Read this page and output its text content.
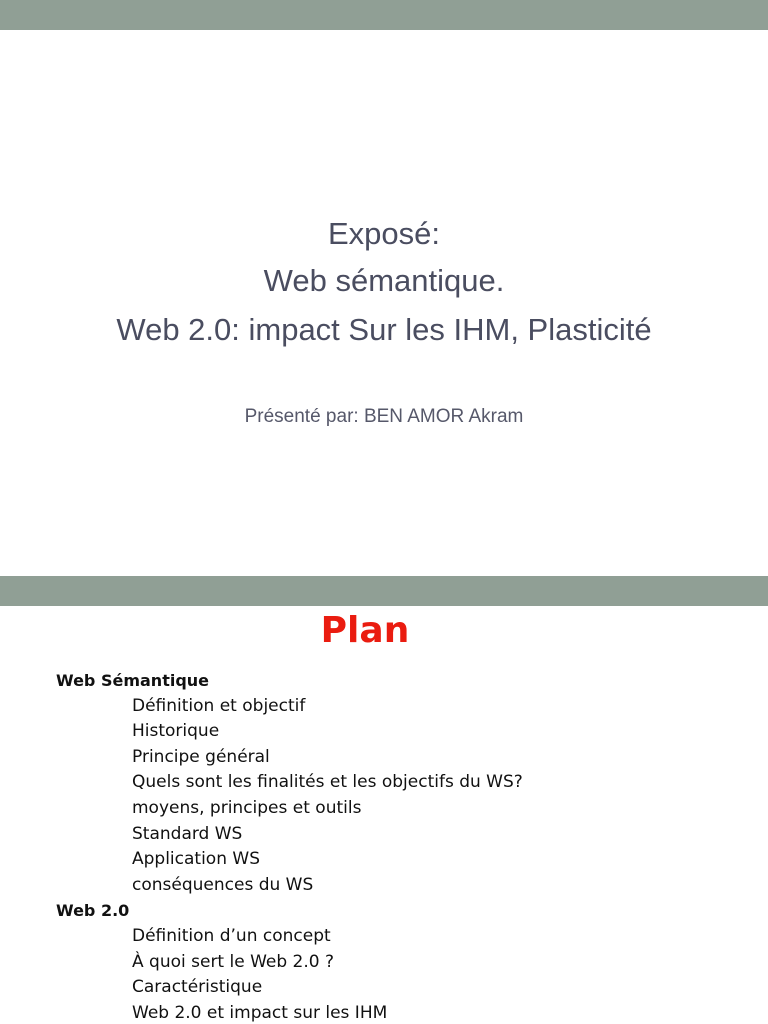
Exposé:
Web sémantique.
Web 2.0: impact Sur les IHM, Plasticité
Présenté par: BEN AMOR Akram
Plan
Web Sémantique
Définition et objectif
Historique
Principe général
Quels sont les finalités et les objectifs du WS?
moyens, principes et outils
Standard WS
Application WS
conséquences du WS
Web 2.0
Définition d’un concept
À quoi sert le Web 2.0 ?
Caractéristique
Web 2.0 et impact sur les IHM
